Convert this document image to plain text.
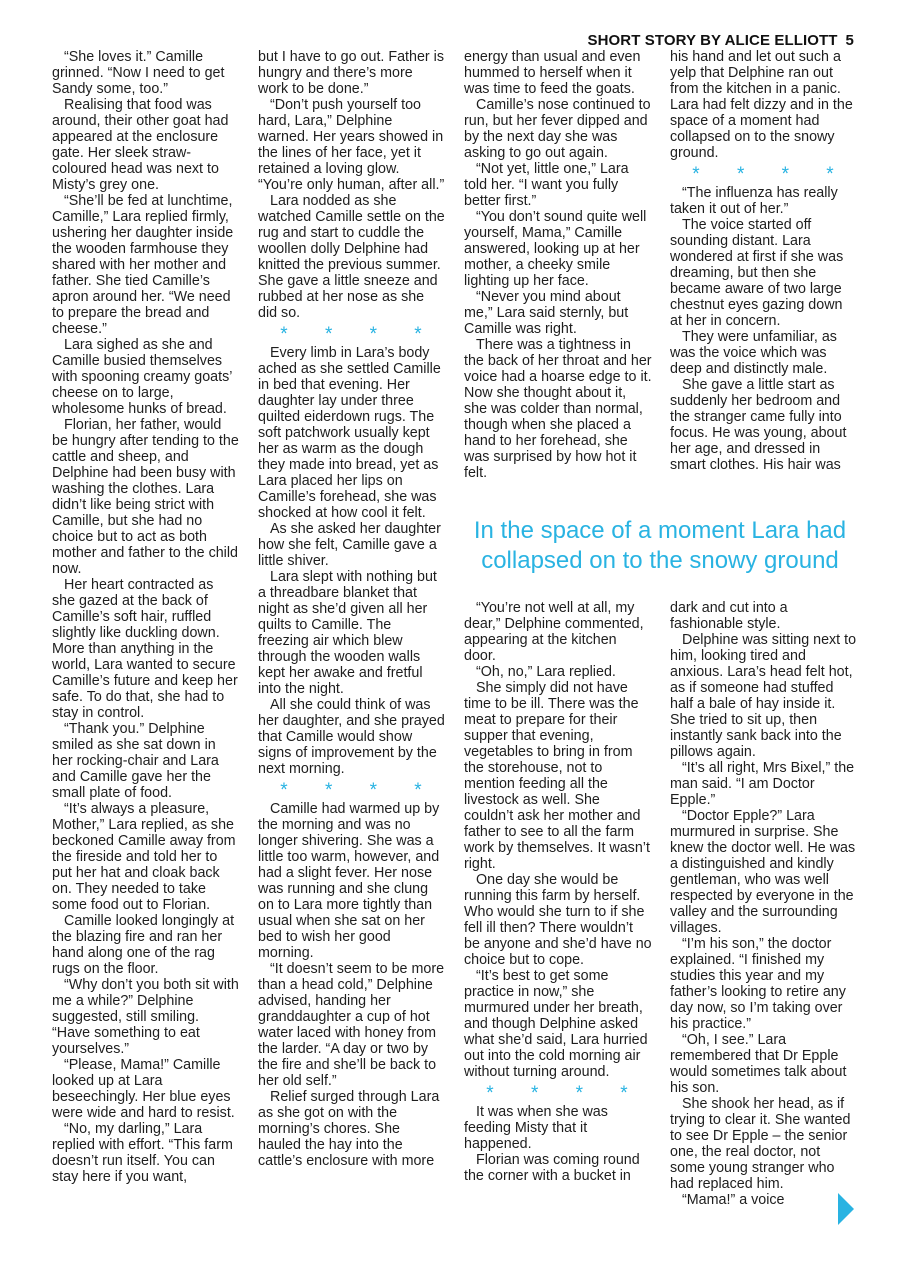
SHORT STORY BY ALICE ELLIOTT 5

“She loves it.” Camille grinned. “Now I need to get Sandy some, too.”

Realising that food was around, their other goat had appeared at the enclosure gate. Her sleek straw-coloured head was next to Misty’s grey one.

“She’ll be fed at lunchtime, Camille,” Lara replied firmly, ushering her daughter inside the wooden farmhouse they shared with her mother and father. She tied Camille’s apron around her. “We need to prepare the bread and cheese.”

Lara sighed as she and Camille busied themselves with spooning creamy goats’ cheese on to large, wholesome hunks of bread.

Florian, her father, would be hungry after tending to the cattle and sheep, and Delphine had been busy with washing the clothes. Lara didn’t like being strict with Camille, but she had no choice but to act as both mother and father to the child now.

Her heart contracted as she gazed at the back of Camille’s soft hair, ruffled slightly like duckling down. More than anything in the world, Lara wanted to secure Camille’s future and keep her safe. To do that, she had to stay in control.

“Thank you.” Delphine smiled as she sat down in her rocking-chair and Lara and Camille gave her the small plate of food.

“It’s always a pleasure, Mother,” Lara replied, as she beckoned Camille away from the fireside and told her to put her hat and cloak back on. They needed to take some food out to Florian.

Camille looked longingly at the blazing fire and ran her hand along one of the rag rugs on the floor.

“Why don’t you both sit with me a while?” Delphine suggested, still smiling. “Have something to eat yourselves.”

“Please, Mama!” Camille looked up at Lara beseechingly. Her blue eyes were wide and hard to resist.

“No, my darling,” Lara replied with effort. “This farm doesn’t run itself. You can stay here if you want,

but I have to go out. Father is hungry and there’s more work to be done.”

“Don’t push yourself too hard, Lara,” Delphine warned. Her years showed in the lines of her face, yet it retained a loving glow. “You’re only human, after all.”

Lara nodded as she watched Camille settle on the rug and start to cuddle the woollen dolly Delphine had knitted the previous summer. She gave a little sneeze and rubbed at her nose as she did so.

* * * *

Every limb in Lara’s body ached as she settled Camille in bed that evening. Her daughter lay under three quilted eiderdown rugs. The soft patchwork usually kept her as warm as the dough they made into bread, yet as Lara placed her lips on Camille’s forehead, she was shocked at how cool it felt.

As she asked her daughter how she felt, Camille gave a little shiver.

Lara slept with nothing but a threadbare blanket that night as she’d given all her quilts to Camille. The freezing air which blew through the wooden walls kept her awake and fretful into the night.

All she could think of was her daughter, and she prayed that Camille would show signs of improvement by the next morning.

* * * *

Camille had warmed up by the morning and was no longer shivering. She was a little too warm, however, and had a slight fever. Her nose was running and she clung on to Lara more tightly than usual when she sat on her bed to wish her good morning.

“It doesn’t seem to be more than a head cold,” Delphine advised, handing her granddaughter a cup of hot water laced with honey from the larder. “A day or two by the fire and she’ll be back to her old self.”

Relief surged through Lara as she got on with the morning’s chores. She hauled the hay into the cattle’s enclosure with more

energy than usual and even hummed to herself when it was time to feed the goats.

Camille’s nose continued to run, but her fever dipped and by the next day she was asking to go out again.

“Not yet, little one,” Lara told her. “I want you fully better first.”

“You don’t sound quite well yourself, Mama,” Camille answered, looking up at her mother, a cheeky smile lighting up her face.

“Never you mind about me,” Lara said sternly, but Camille was right.

There was a tightness in the back of her throat and her voice had a hoarse edge to it. Now she thought about it, she was colder than normal, though when she placed a hand to her forehead, she was surprised by how hot it felt.

his hand and let out such a yelp that Delphine ran out from the kitchen in a panic. Lara had felt dizzy and in the space of a moment had collapsed on to the snowy ground.

* * * *

“The influenza has really taken it out of her.”

The voice started off sounding distant. Lara wondered at first if she was dreaming, but then she became aware of two large chestnut eyes gazing down at her in concern.

They were unfamiliar, as was the voice which was deep and distinctly male.

She gave a little start as suddenly her bedroom and the stranger came fully into focus. He was young, about her age, and dressed in smart clothes. His hair was

In the space of a moment Lara had collapsed on to the snowy ground

“You’re not well at all, my dear,” Delphine commented, appearing at the kitchen door.

“Oh, no,” Lara replied.

She simply did not have time to be ill. There was the meat to prepare for their supper that evening, vegetables to bring in from the storehouse, not to mention feeding all the livestock as well. She couldn’t ask her mother and father to see to all the farm work by themselves. It wasn’t right.

One day she would be running this farm by herself. Who would she turn to if she fell ill then? There wouldn’t be anyone and she’d have no choice but to cope.

“It’s best to get some practice in now,” she murmured under her breath, and though Delphine asked what she’d said, Lara hurried out into the cold morning air without turning around.

* * * *

It was when she was feeding Misty that it happened.

Florian was coming round the corner with a bucket in

dark and cut into a fashionable style.

Delphine was sitting next to him, looking tired and anxious. Lara’s head felt hot, as if someone had stuffed half a bale of hay inside it. She tried to sit up, then instantly sank back into the pillows again.

“It’s all right, Mrs Bixel,” the man said. “I am Doctor Epple.”

“Doctor Epple?” Lara murmured in surprise. She knew the doctor well. He was a distinguished and kindly gentleman, who was well respected by everyone in the valley and the surrounding villages.

“I’m his son,” the doctor explained. “I finished my studies this year and my father’s looking to retire any day now, so I’m taking over his practice.”

“Oh, I see.” Lara remembered that Dr Epple would sometimes talk about his son.

She shook her head, as if trying to clear it. She wanted to see Dr Epple – the senior one, the real doctor, not some young stranger who had replaced him.

“Mama!” a voice
